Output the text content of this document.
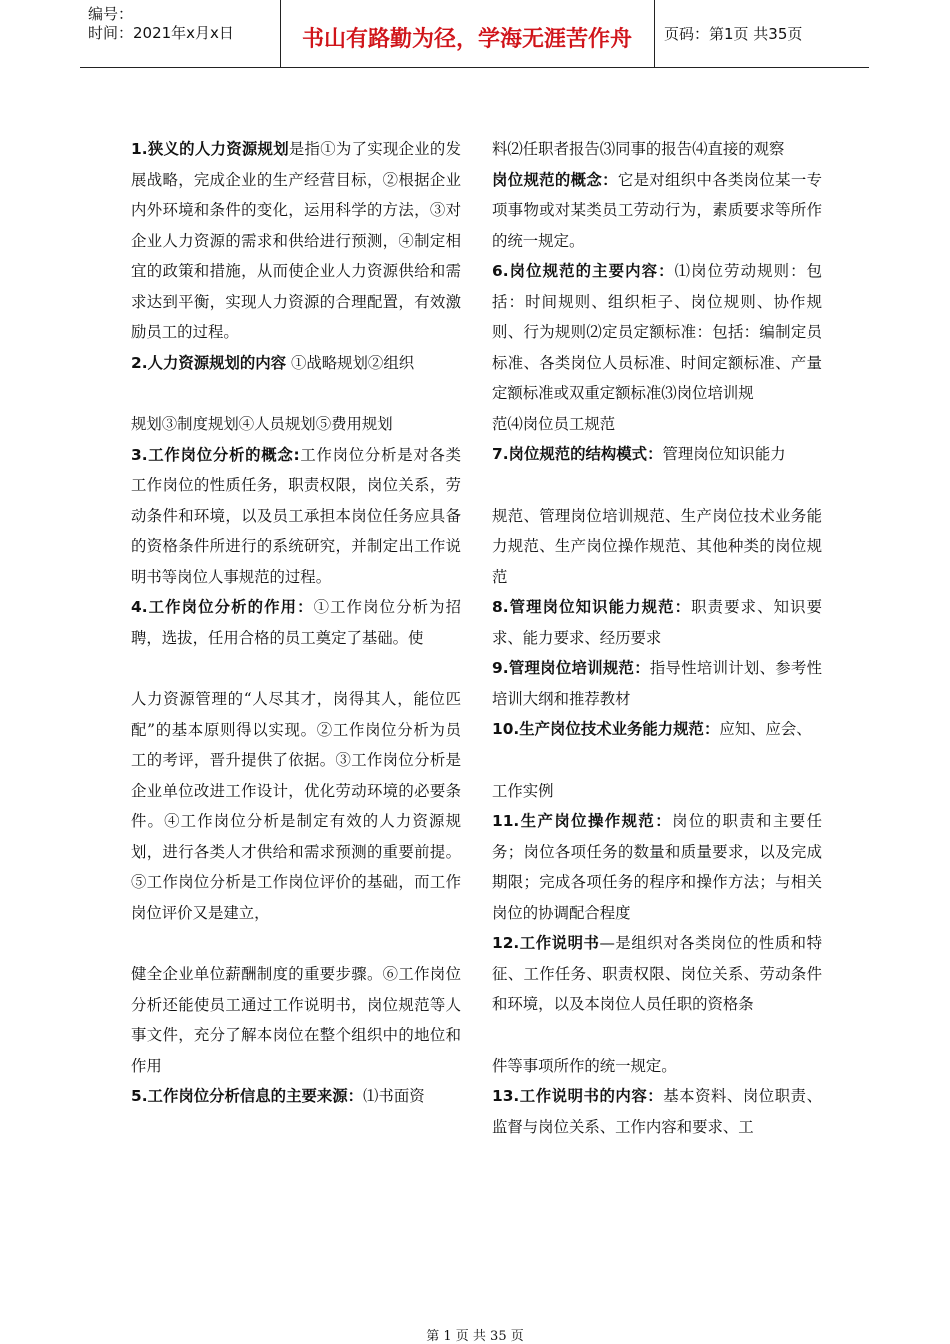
编号：
时间：2021年x月x日	书山有路勤为径，学海无涯苦作舟	页码：第1页 共35页

1.狭义的人力资源规划是指①为了实现企业的发展战略，完成企业的生产经营目标，②根据企业内外环境和条件的变化，运用科学的方法，③对企业人力资源的需求和供给进行预测，④制定相宜的政策和措施，从而使企业人力资源供给和需求达到平衡，实现人力资源的合理配置，有效激励员工的过程。

2.人力资源规划的内容 ①战略规划②组织

规划③制度规划④人员规划⑤费用规划

3.工作岗位分析的概念:工作岗位分析是对各类工作岗位的性质任务，职责权限，岗位关系，劳动条件和环境，以及员工承担本岗位任务应具备的资格条件所进行的系统研究，并制定出工作说明书等岗位人事规范的过程。

4.工作岗位分析的作用：①工作岗位分析为招聘，选拔，任用合格的员工奠定了基础。使

人力资源管理的“人尽其才，岗得其人，能位匹配”的基本原则得以实现。②工作岗位分析为员工的考评，晋升提供了依据。③工作岗位分析是企业单位改进工作设计，优化劳动环境的必要条件。④工作岗位分析是制定有效的人力资源规划，进行各类人才供给和需求预测的重要前提。⑤工作岗位分析是工作岗位评价的基础，而工作岗位评价又是建立，

健全企业单位薪酬制度的重要步骤。⑥工作岗位分析还能使员工通过工作说明书，岗位规范等人事文件，充分了解本岗位在整个组织中的地位和作用

5.工作岗位分析信息的主要来源：⑴书面资

料⑵任职者报告⑶同事的报告⑷直接的观察

岗位规范的概念：它是对组织中各类岗位某一专项事物或对某类员工劳动行为，素质要求等所作的统一规定。

6.岗位规范的主要内容：⑴岗位劳动规则：包括：时间规则、组织柜子、岗位规则、协作规则、行为规则⑵定员定额标准：包括：编制定员标准、各类岗位人员标准、时间定额标准、产量定额标准或双重定额标准⑶岗位培训规

范⑷岗位员工规范

7.岗位规范的结构模式：管理岗位知识能力

规范、管理岗位培训规范、生产岗位技术业务能力规范、生产岗位操作规范、其他种类的岗位规范

8.管理岗位知识能力规范：职责要求、知识要求、能力要求、经历要求

9.管理岗位培训规范：指导性培训计划、参考性培训大纲和推荐教材

10.生产岗位技术业务能力规范：应知、应会、

工作实例

11.生产岗位操作规范：岗位的职责和主要任务；岗位各项任务的数量和质量要求，以及完成期限；完成各项任务的程序和操作方法；与相关岗位的协调配合程度

12.工作说明书—是组织对各类岗位的性质和特征、工作任务、职责权限、岗位关系、劳动条件和环境，以及本岗位人员任职的资格条

件等事项所作的统一规定。

13.工作说明书的内容：基本资料、岗位职责、监督与岗位关系、工作内容和要求、工

第 1 页 共 35 页
